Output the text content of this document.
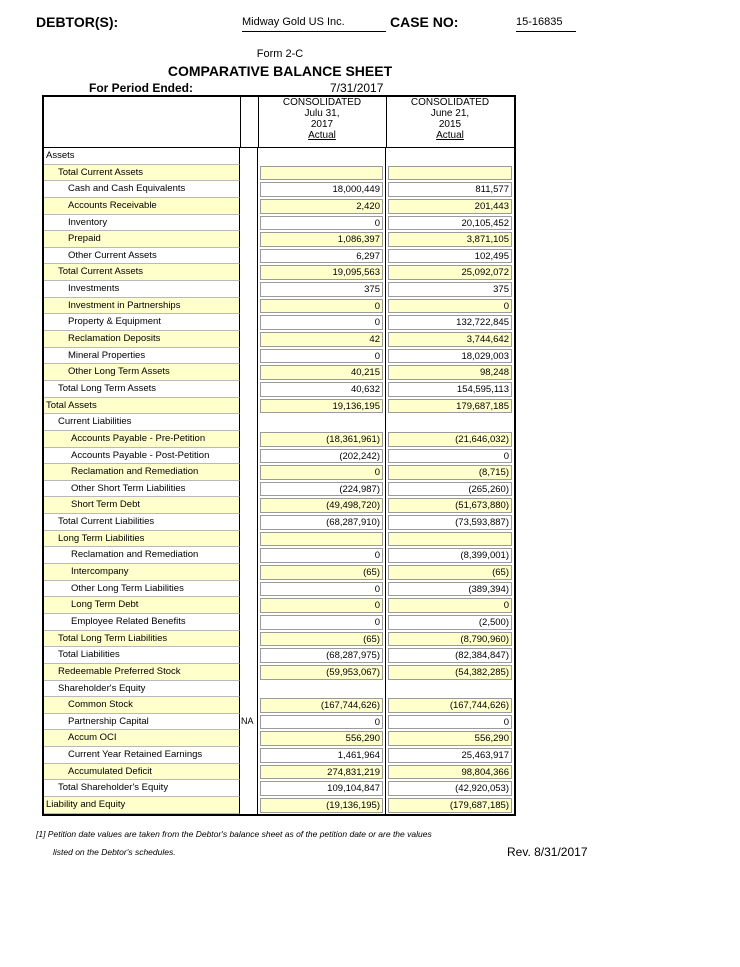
DEBTOR(S):	Midway Gold US Inc.	CASE NO:	15-16835
Form 2-C
COMPARATIVE BALANCE SHEET
For Period Ended:	7/31/2017
CONSOLIDATED
Julu 31,
2017
Actual
CONSOLIDATED
June 21,
2015
Actual
Assets
Total Current Assets
Cash and Cash Equivalents	18,000,449	811,577
Accounts Receivable	2,420	201,443
Inventory	0	20,105,452
Prepaid	1,086,397	3,871,105
Other Current Assets	6,297	102,495
Total Current Assets	19,095,563	25,092,072
Investments	375	375
Investment in Partnerships	0	0
Property & Equipment	0	132,722,845
Reclamation Deposits	42	3,744,642
Mineral Properties	0	18,029,003
Other Long Term Assets	40,215	98,248
Total Long Term Assets	40,632	154,595,113
Total Assets	19,136,195	179,687,185
Current Liabilities
Accounts Payable - Pre-Petition	(18,361,961)	(21,646,032)
Accounts Payable - Post-Petition	(202,242)	0
Reclamation and Remediation	0	(8,715)
Other Short Term Liabilities	(224,987)	(265,260)
Short Term Debt	(49,498,720)	(51,673,880)
Total Current Liabilities	(68,287,910)	(73,593,887)
Long Term Liabilities
Reclamation and Remediation	0	(8,399,001)
Intercompany	(65)	(65)
Other Long Term Liabilities	0	(389,394)
Long Term Debt	0	0
Employee Related Benefits	0	(2,500)
Total Long Term Liabilities	(65)	(8,790,960)
Total Liabilities	(68,287,975)	(82,384,847)
Redeemable Preferred Stock	(59,953,067)	(54,382,285)
Shareholder's Equity
Common Stock	(167,744,626)	(167,744,626)
Partnership Capital	NA	0	0
Accum OCI	556,290	556,290
Current Year Retained Earnings	1,461,964	25,463,917
Accumulated Deficit	274,831,219	98,804,366
Total Shareholder's Equity	109,104,847	(42,920,053)
Liability and Equity	(19,136,195)	(179,687,185)
[1] Petition date values are taken from the Debtor's balance sheet as of the petition date or are the values
listed on the Debtor's schedules.	Rev. 8/31/2017
